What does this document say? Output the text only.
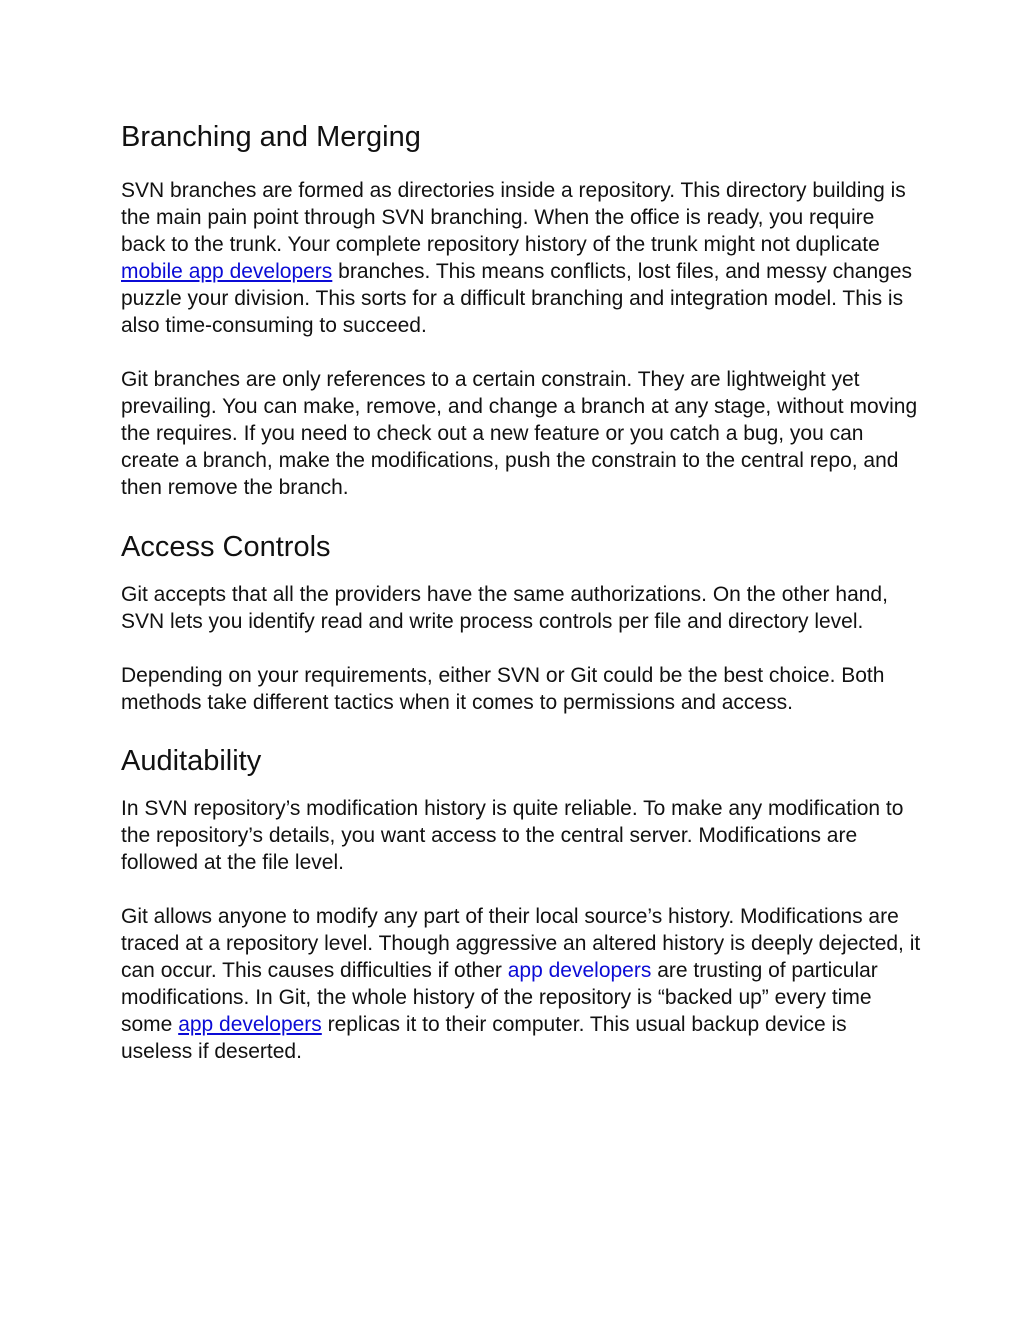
Branching and Merging

SVN branches are formed as directories inside a repository. This directory building is the main pain point through SVN branching. When the office is ready, you require back to the trunk. Your complete repository history of the trunk might not duplicate mobile app developers branches. This means conflicts, lost files, and messy changes puzzle your division. This sorts for a difficult branching and integration model. This is also time-consuming to succeed.

Git branches are only references to a certain constrain. They are lightweight yet prevailing. You can make, remove, and change a branch at any stage, without moving the requires. If you need to check out a new feature or you catch a bug, you can create a branch, make the modifications, push the constrain to the central repo, and then remove the branch.

Access Controls

Git accepts that all the providers have the same authorizations. On the other hand, SVN lets you identify read and write process controls per file and directory level.

Depending on your requirements, either SVN or Git could be the best choice. Both methods take different tactics when it comes to permissions and access.

Auditability

In SVN repository’s modification history is quite reliable. To make any modification to the repository’s details, you want access to the central server. Modifications are followed at the file level.

Git allows anyone to modify any part of their local source’s history. Modifications are traced at a repository level. Though aggressive an altered history is deeply dejected, it can occur. This causes difficulties if other app developers are trusting of particular modifications. In Git, the whole history of the repository is “backed up” every time some app developers replicas it to their computer. This usual backup device is useless if deserted.
